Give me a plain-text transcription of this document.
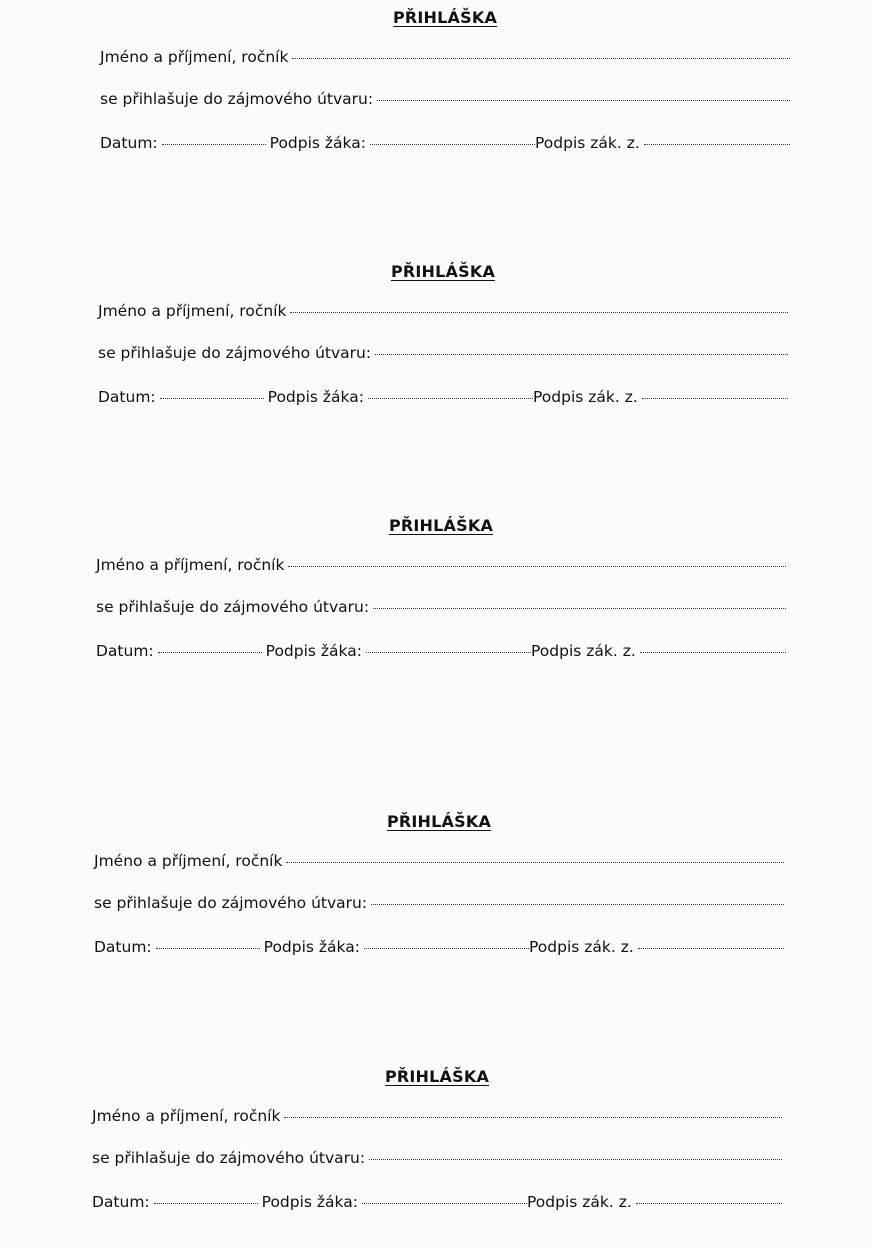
PŘIHLÁŠKA
Jméno a příjmení, ročník
se přihlašuje do zájmového útvaru:
Datum:	Podpis žáka:	Podpis zák. z.
PŘIHLÁŠKA
Jméno a příjmení, ročník
se přihlašuje do zájmového útvaru:
Datum:	Podpis žáka:	Podpis zák. z.
PŘIHLÁŠKA
Jméno a příjmení, ročník
se přihlašuje do zájmového útvaru:
Datum:	Podpis žáka:	Podpis zák. z.
PŘIHLÁŠKA
Jméno a příjmení, ročník
se přihlašuje do zájmového útvaru:
Datum:	Podpis žáka:	Podpis zák. z.
PŘIHLÁŠKA
Jméno a příjmení, ročník
se přihlašuje do zájmového útvaru:
Datum:	Podpis žáka:	Podpis zák. z.
